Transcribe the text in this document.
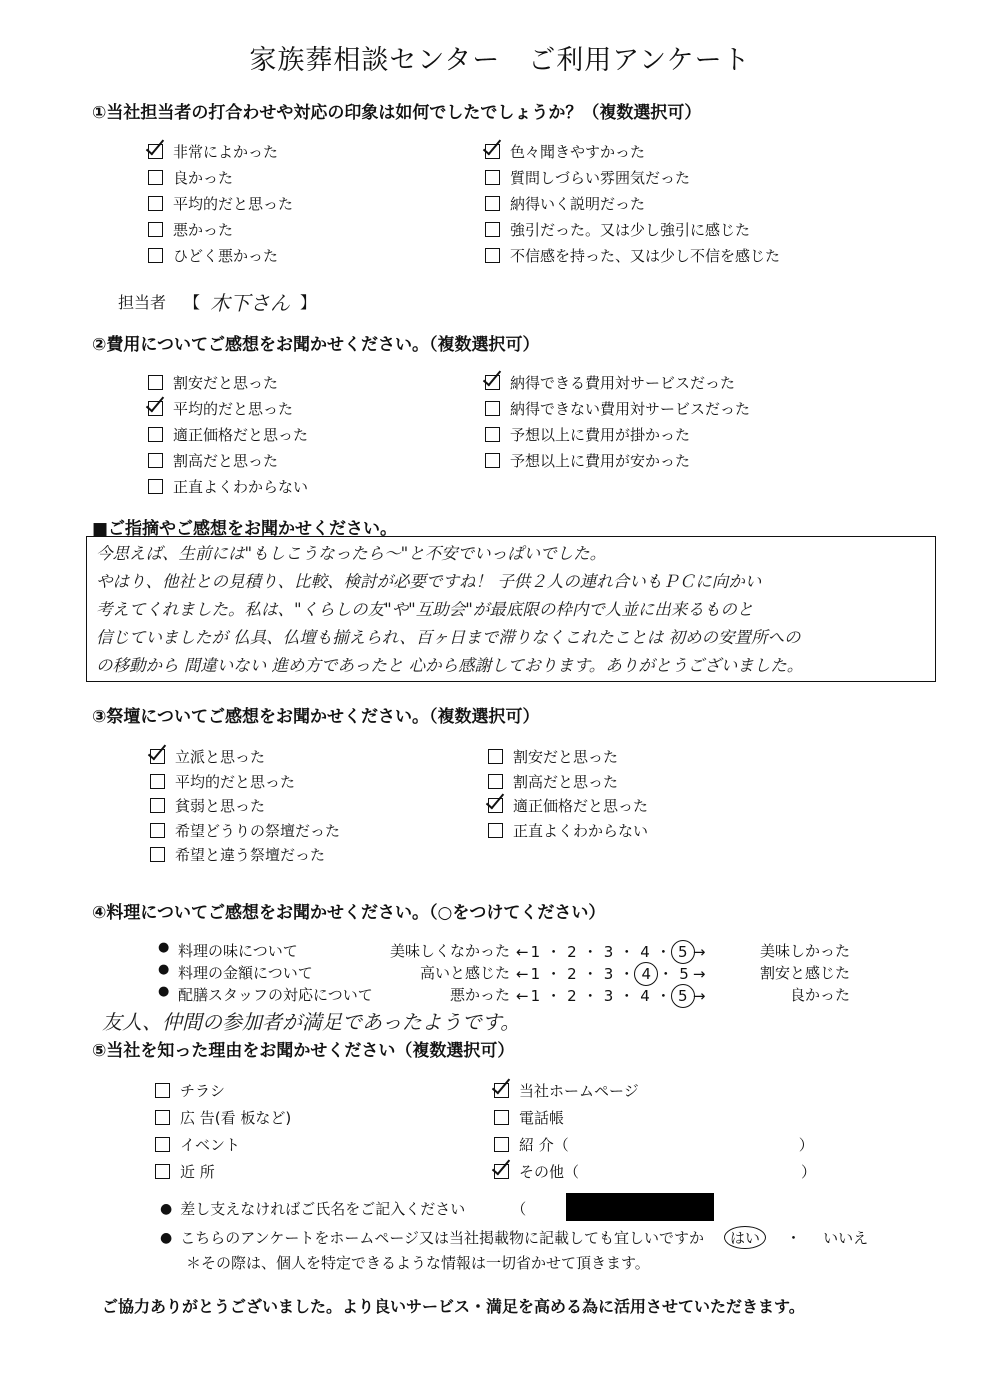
家族葬相談センター　ご利用アンケート
①当社担当者の打合わせや対応の印象は如何でしたでしょうか？（複数選択可）
非常によかった
良かった
平均的だと思った
悪かった
ひどく悪かった
色々聞きやすかった
質問しづらい雰囲気だった
納得いく説明だった
強引だった。又は少し強引に感じた
不信感を持った、又は少し不信を感じた
担当者 【 木下さん 】
②費用についてご感想をお聞かせください。（複数選択可）
割安だと思った
平均的だと思った
適正価格だと思った
割高だと思った
正直よくわからない
納得できる費用対サービスだった
納得できない費用対サービスだった
予想以上に費用が掛かった
予想以上に費用が安かった
■ご指摘やご感想をお聞かせください。
今思えば、生前には"もしこうなったら〜"と不安でいっぱいでした。
やはり、他社との見積り、比較、検討が必要ですね！ 子供２人の連れ合いもＰＣに向かい
考えてくれました。私は、"くらしの友"や"互助会"が最底限の枠内で人並に出来るものと
信じていましたが 仏具、仏壇も揃えられ、百ヶ日まで滞りなくこれたことは 初めの安置所への
の移動から 間違いない 進め方であったと 心から感謝しております。ありがとうございました。
③祭壇についてご感想をお聞かせください。（複数選択可）
立派と思った
平均的だと思った
貧弱と思った
希望どうりの祭壇だった
希望と違う祭壇だった
割安だと思った
割高だと思った
適正価格だと思った
正直よくわからない
④料理についてご感想をお聞かせください。（○をつけてください）
● 料理の味について	美味しくなかった ← 1 ・ 2 ・ 3 ・ 4 ・ 5 →	美味しかった
● 料理の金額について	高いと感じた ← 1 ・ 2 ・ 3 ・ 4 ・ 5 →	割安と感じた
● 配膳スタッフの対応について	悪かった ← 1 ・ 2 ・ 3 ・ 4 ・ 5 →	良かった
友人、仲間の参加者が満足であったようです。
⑤当社を知った理由をお聞かせください（複数選択可）
チラシ
広 告(看 板など)
イベント
近 所
当社ホームページ
電話帳
紹 介（	）
その他（	）
● 差し支えなければご氏名をご記入ください	（
● こちらのアンケートをホームページ又は当社掲載物に記載しても宜しいですか	はい	・ いいえ
＊その際は、個人を特定できるような情報は一切省かせて頂きます。
ご協力ありがとうございました。より良いサービス・満足を高める為に活用させていただきます。
